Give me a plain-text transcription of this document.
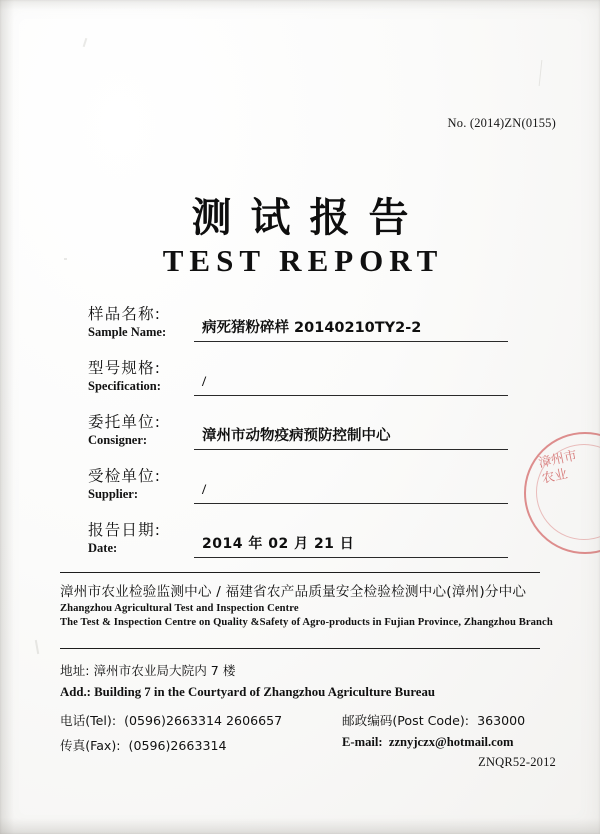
No. (2014)ZN(0155)
测试报告
TEST REPORT
样品名称:
Sample Name:	病死猪粉碎样 20140210TY2-2
型号规格:
Specification:	/
委托单位:
Consigner:	漳州市动物疫病预防控制中心
受检单位:
Supplier:	/
报告日期:
Date:	2014 年 02 月 21 日
漳州市农业检验监测中心 / 福建省农产品质量安全检验检测中心(漳州)分中心
Zhangzhou Agricultural Test and Inspection Centre
The Test & Inspection Centre on Quality &Safety of Agro-products in Fujian Province, Zhangzhou Branch
地址: 漳州市农业局大院内 7 楼
Add.: Building 7 in the Courtyard of Zhangzhou Agriculture Bureau
电话(Tel): (0596)2663314 2606657	邮政编码(Post Code): 363000
传真(Fax): (0596)2663314	E-mail: zznyjczx@hotmail.com
ZNQR52-2012
漳州市农业
